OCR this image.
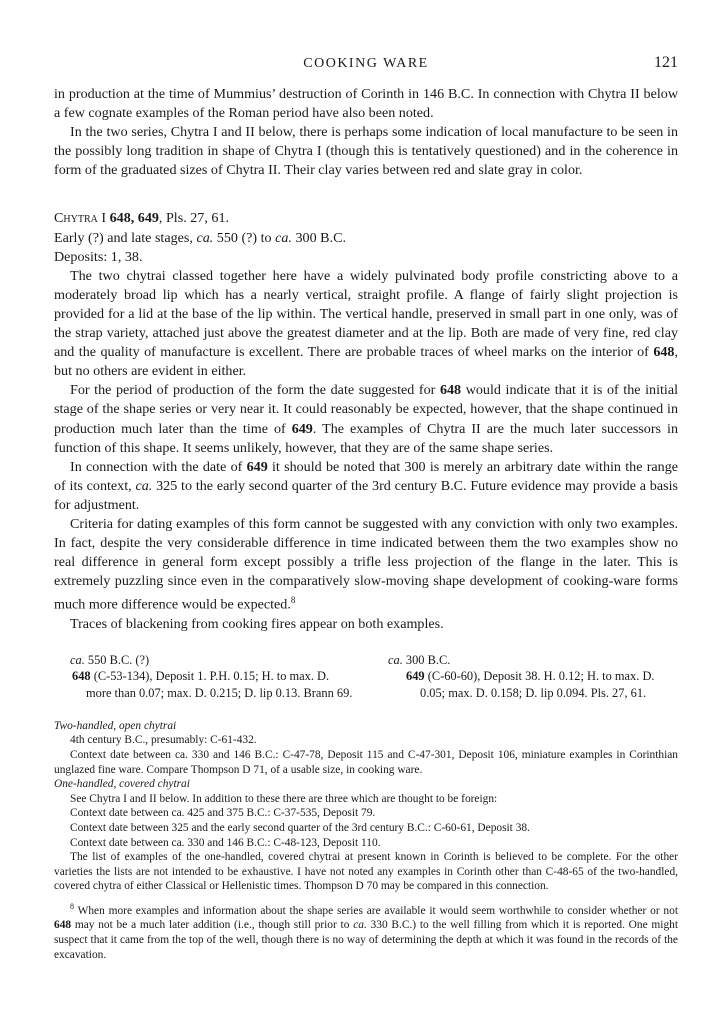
COOKING WARE	121

in production at the time of Mummius’ destruction of Corinth in 146 B.C. In connection with Chytra II below a few cognate examples of the Roman period have also been noted.

In the two series, Chytra I and II below, there is perhaps some indication of local manufacture to be seen in the possibly long tradition in shape of Chytra I (though this is tentatively questioned) and in the coherence in form of the graduated sizes of Chytra II. Their clay varies between red and slate gray in color.

Chytra I 648, 649, Pls. 27, 61.

Early (?) and late stages, ca. 550 (?) to ca. 300 B.C.

Deposits: 1, 38.

The two chytrai classed together here have a widely pulvinated body profile constricting above to a moderately broad lip which has a nearly vertical, straight profile. A flange of fairly slight projection is provided for a lid at the base of the lip within. The vertical handle, preserved in small part in one only, was of the strap variety, attached just above the greatest diameter and at the lip. Both are made of very fine, red clay and the quality of manufacture is excellent. There are probable traces of wheel marks on the interior of 648, but no others are evident in either.

For the period of production of the form the date suggested for 648 would indicate that it is of the initial stage of the shape series or very near it. It could reasonably be expected, however, that the shape continued in production much later than the time of 649. The examples of Chytra II are the much later successors in function of this shape. It seems unlikely, however, that they are of the same shape series.

In connection with the date of 649 it should be noted that 300 is merely an arbitrary date within the range of its context, ca. 325 to the early second quarter of the 3rd century B.C. Future evidence may provide a basis for adjustment.

Criteria for dating examples of this form cannot be suggested with any conviction with only two examples. In fact, despite the very considerable difference in time indicated between them the two examples show no real difference in general form except possibly a trifle less projection of the flange in the later. This is extremely puzzling since even in the comparatively slow-moving shape development of cooking-ware forms much more difference would be expected.$^8$

Traces of blackening from cooking fires appear on both examples.

ca. 550 B.C. (?)
648 (C-53-134), Deposit 1. P.H. 0.15; H. to max. D. more than 0.07; max. D. 0.215; D. lip 0.13. Brann 69.
ca. 300 B.C.
649 (C-60-60), Deposit 38. H. 0.12; H. to max. D. 0.05; max. D. 0.158; D. lip 0.094. Pls. 27, 61.
Two-handled, open chytrai
4th century B.C., presumably: C-61-432.
Context date between ca. 330 and 146 B.C.: C-47-78, Deposit 115 and C-47-301, Deposit 106, miniature examples in Corinthian unglazed fine ware. Compare Thompson D 71, of a usable size, in cooking ware.
One-handled, covered chytrai
See Chytra I and II below. In addition to these there are three which are thought to be foreign:
Context date between ca. 425 and 375 B.C.: C-37-535, Deposit 79.
Context date between 325 and the early second quarter of the 3rd century B.C.: C-60-61, Deposit 38.
Context date between ca. 330 and 146 B.C.: C-48-123, Deposit 110.
The list of examples of the one-handled, covered chytrai at present known in Corinth is believed to be complete. For the other varieties the lists are not intended to be exhaustive. I have not noted any examples in Corinth other than C-48-65 of the two-handled, covered chytra of either Classical or Hellenistic times. Thompson D 70 may be compared in this connection.

$^8$ When more examples and information about the shape series are available it would seem worthwhile to consider whether or not 648 may not be a much later addition (i.e., though still prior to ca. 330 B.C.) to the well filling from which it is reported. One might suspect that it came from the top of the well, though there is no way of determining the depth at which it was found in the records of the excavation.
